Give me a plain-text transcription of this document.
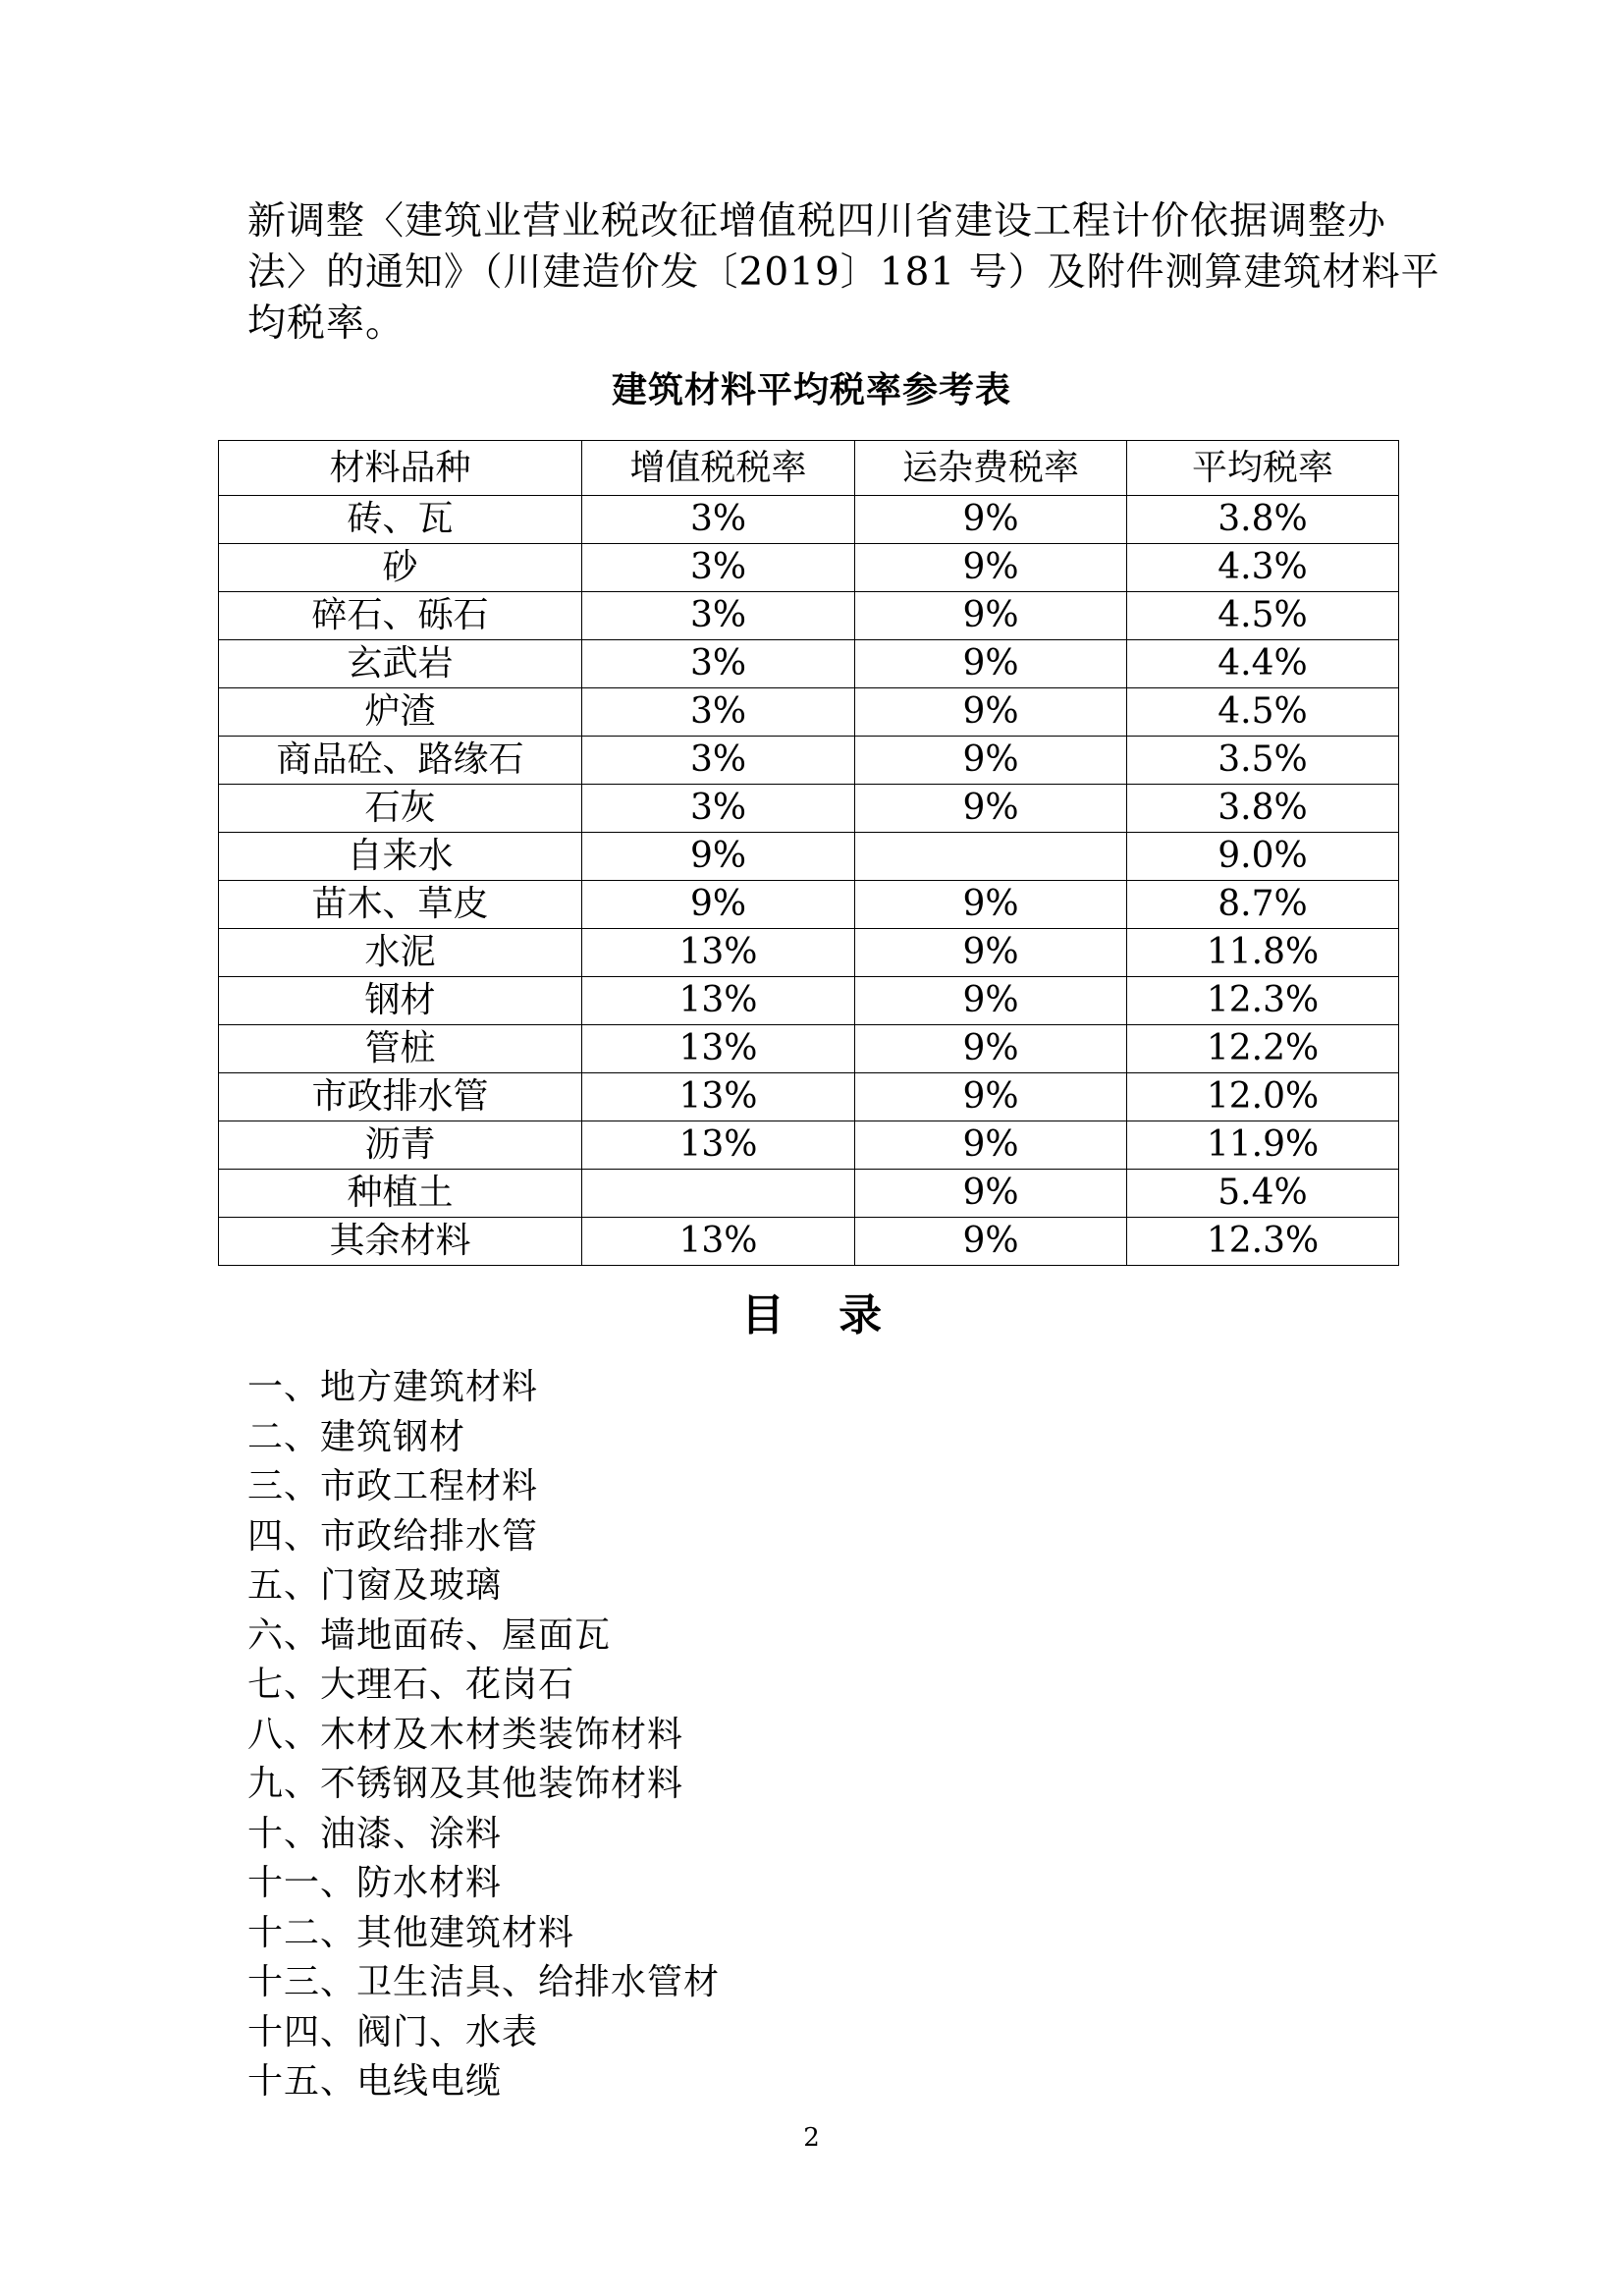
新调整〈建筑业营业税改征增值税四川省建设工程计价依据调整办

法〉的通知》（川建造价发〔2019〕181 号）及附件测算建筑材料平

均税率。

建筑材料平均税率参考表
材料品种	增值税税率	运杂费税率	平均税率
砖、瓦	3%	9%	3.8%
砂	3%	9%	4.3%
碎石、砾石	3%	9%	4.5%
玄武岩	3%	9%	4.4%
炉渣	3%	9%	4.5%
商品砼、路缘石	3%	9%	3.5%
石灰	3%	9%	3.8%
自来水	9%		9.0%
苗木、草皮	9%	9%	8.7%
水泥	13%	9%	11.8%
钢材	13%	9%	12.3%
管桩	13%	9%	12.2%
市政排水管	13%	9%	12.0%
沥青	13%	9%	11.9%
种植土		9%	5.4%
其余材料	13%	9%	12.3%
目 录
一、地方建筑材料
二、建筑钢材
三、市政工程材料
四、市政给排水管
五、门窗及玻璃
六、墙地面砖、屋面瓦
七、大理石、花岗石
八、木材及木材类装饰材料
九、不锈钢及其他装饰材料
十、油漆、涂料
十一、防水材料
十二、其他建筑材料
十三、卫生洁具、给排水管材
十四、阀门、水表
十五、电线电缆
2
